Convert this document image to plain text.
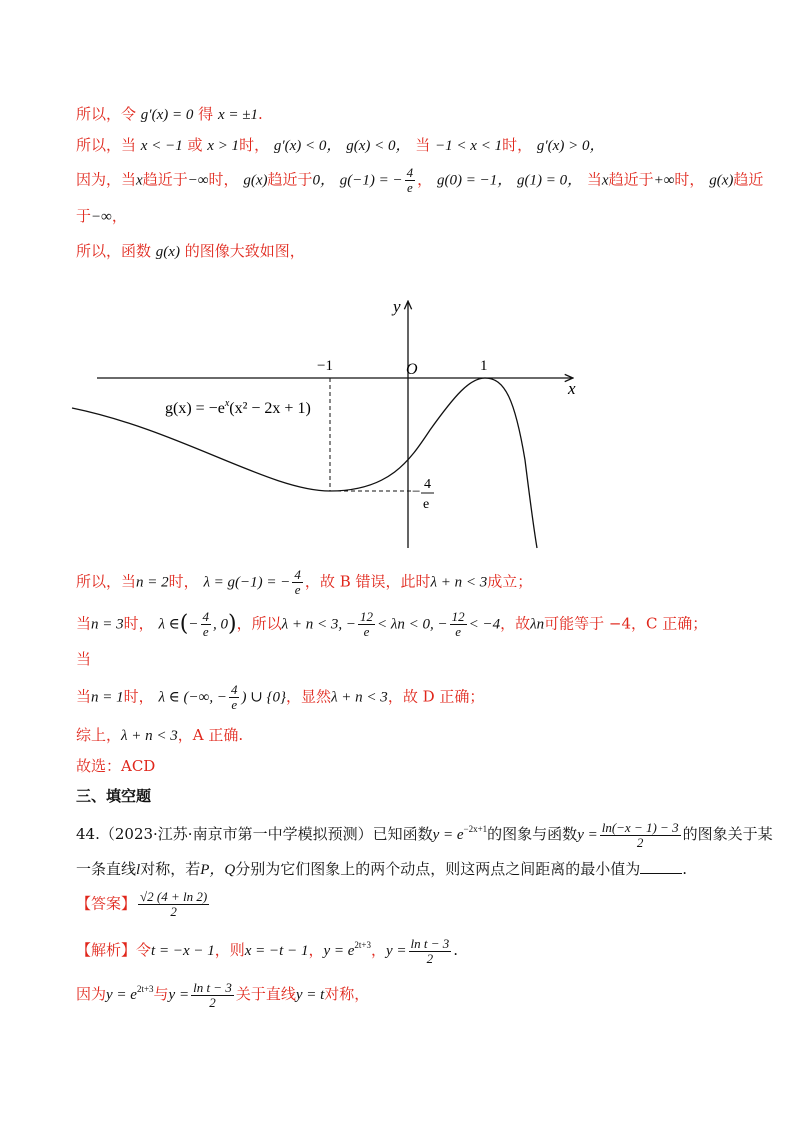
所以，令 g′(x) = 0 得 x = ±1.
所以，当 x < −1 或 x > 1时， g′(x) < 0， g(x) < 0， 当 −1 < x < 1时， g′(x) > 0，
因为，当x趋近于−∞时， g(x)趋近于0， g(−1) = − $\frac{4}{e}$ ， g(0) = −1， g(1) = 0， 当x趋近于+∞时， g(x)趋近
于−∞，
所以，函数 g(x) 的图像大致如图，
y
x
O
−1	1
$g(x) = -e^x(x^2 - 2x + 1)$
− 4
e
所以，当n = 2时， λ = g(−1) = − $\frac{4}{e}$ ，故 B 错误，此时λ + n < 3成立；
当n = 3时， λ ∈(− $\frac{4}{e}$ , 0)，所以λ + n < 3, − $\frac{12}{e} < \lambda n < 0$, − $\frac{12}{e} < -4$，故λn可能等于 −4，C 正确；
当
当n = 1时， λ ∈ (−∞, − $\frac{4}{e}$ ) ∪ {0}，显然λ + n < 3，故 D 正确；
综上，λ + n < 3，A 正确.
故选：ACD
三、填空题
44.（2023·江苏·南京市第一中学模拟预测）已知函数$y = e^{-2x+1}$的图象与函数$y = \frac{\ln(-x - 1) - 3}{2}$ 的图象关于某
一条直线l对称，若P，Q分别为它们图象上的两个动点，则这两点之间距离的最小值为	.
【答案】 $\frac{√2 (4 + \ln 2)}{2}$
【解析】令t = −x − 1，则x = −t − 1，$y = e^{2t+3}$，$y = \frac{\text{ln t − 3}}{2}$ .
因为$y = e^{2t+3}$与$y = \frac{\text{ln t − 3}}{2}$ 关于直线y = t对称，
